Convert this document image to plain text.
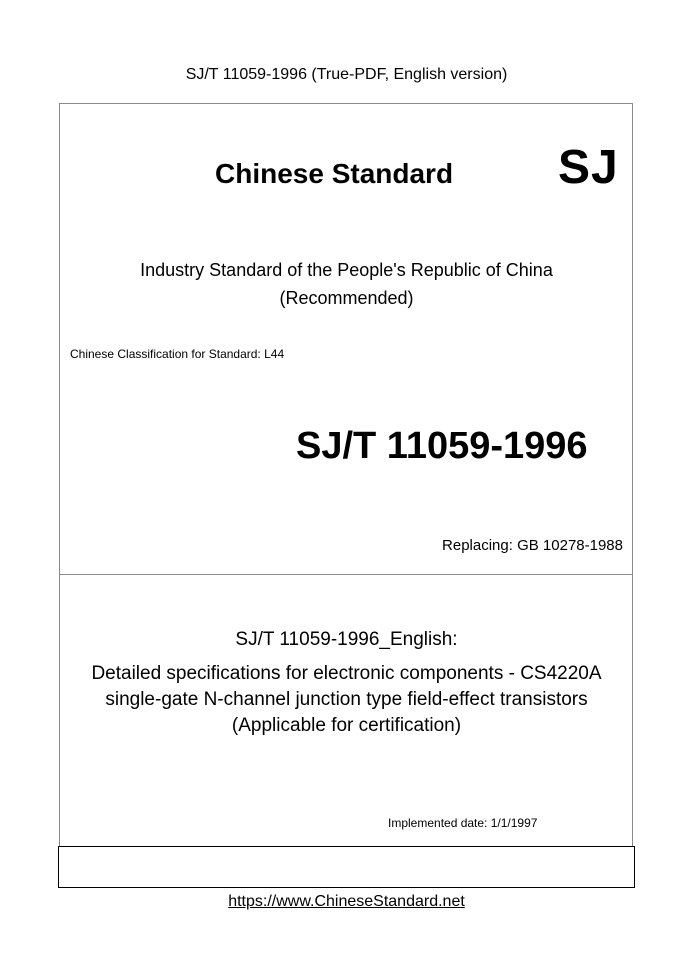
SJ/T 11059-1996 (True-PDF, English version)
Chinese Standard SJ
Industry Standard of the People's Republic of China
(Recommended)
Chinese Classification for Standard: L44
SJ/T 11059-1996
Replacing: GB 10278-1988
SJ/T 11059-1996_English:
Detailed specifications for electronic components - CS4220A
single-gate N-channel junction type field-effect transistors
(Applicable for certification)
Implemented date: 1/1/1997
https://www.ChineseStandard.net
